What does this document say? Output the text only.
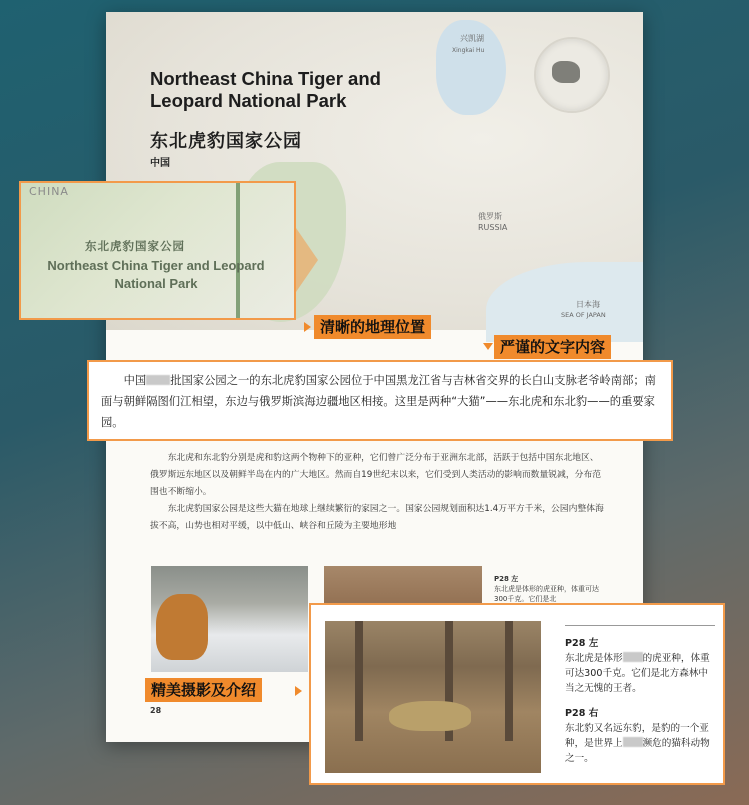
兴凯湖
Xingkai Hu
俄罗斯
RUSSIA
日本海
SEA OF JAPAN
Northeast China Tiger and Leopard National Park
东北虎豹国家公园
中国

东北虎和东北豹分别是虎和豹这两个物种下的亚种，它们曾广泛分布于亚洲东北部，活跃于包括中国东北地区、俄罗斯远东地区以及朝鲜半岛在内的广大地区。然而自19世纪末以来，它们受到人类活动的影响而数量锐减，分布范围也不断缩小。

东北虎豹国家公园是这些大猫在地球上继续繁衍的家园之一。国家公园规划面积达1.4万平方千米，公园内整体海拔不高，山势也相对平缓，以中低山、峡谷和丘陵为主要地形地

P28 左
东北虎是体形的虎亚种，体重可达300千克。它们是北
28
CHINA
东北虎豹国家公园
Northeast China Tiger and Leopard National Park
清晰的地理位置
严谨的文字内容

中国 批国家公园之一的东北虎豹国家公园位于中国黑龙江省与吉林省交界的长白山支脉老爷岭南部；南面与朝鲜隔图们江相望，东边与俄罗斯滨海边疆地区相接。这里是两种“大猫”——东北虎和东北豹——的重要家园。

精美摄影及介绍
P28 左
东北虎是体形 的虎亚种，体重可达300千克。它们是北方森林中当之无愧的王者。
P28 右
东北豹又名远东豹，是豹的一个亚种，是世界上 濒危的猫科动物之一。
